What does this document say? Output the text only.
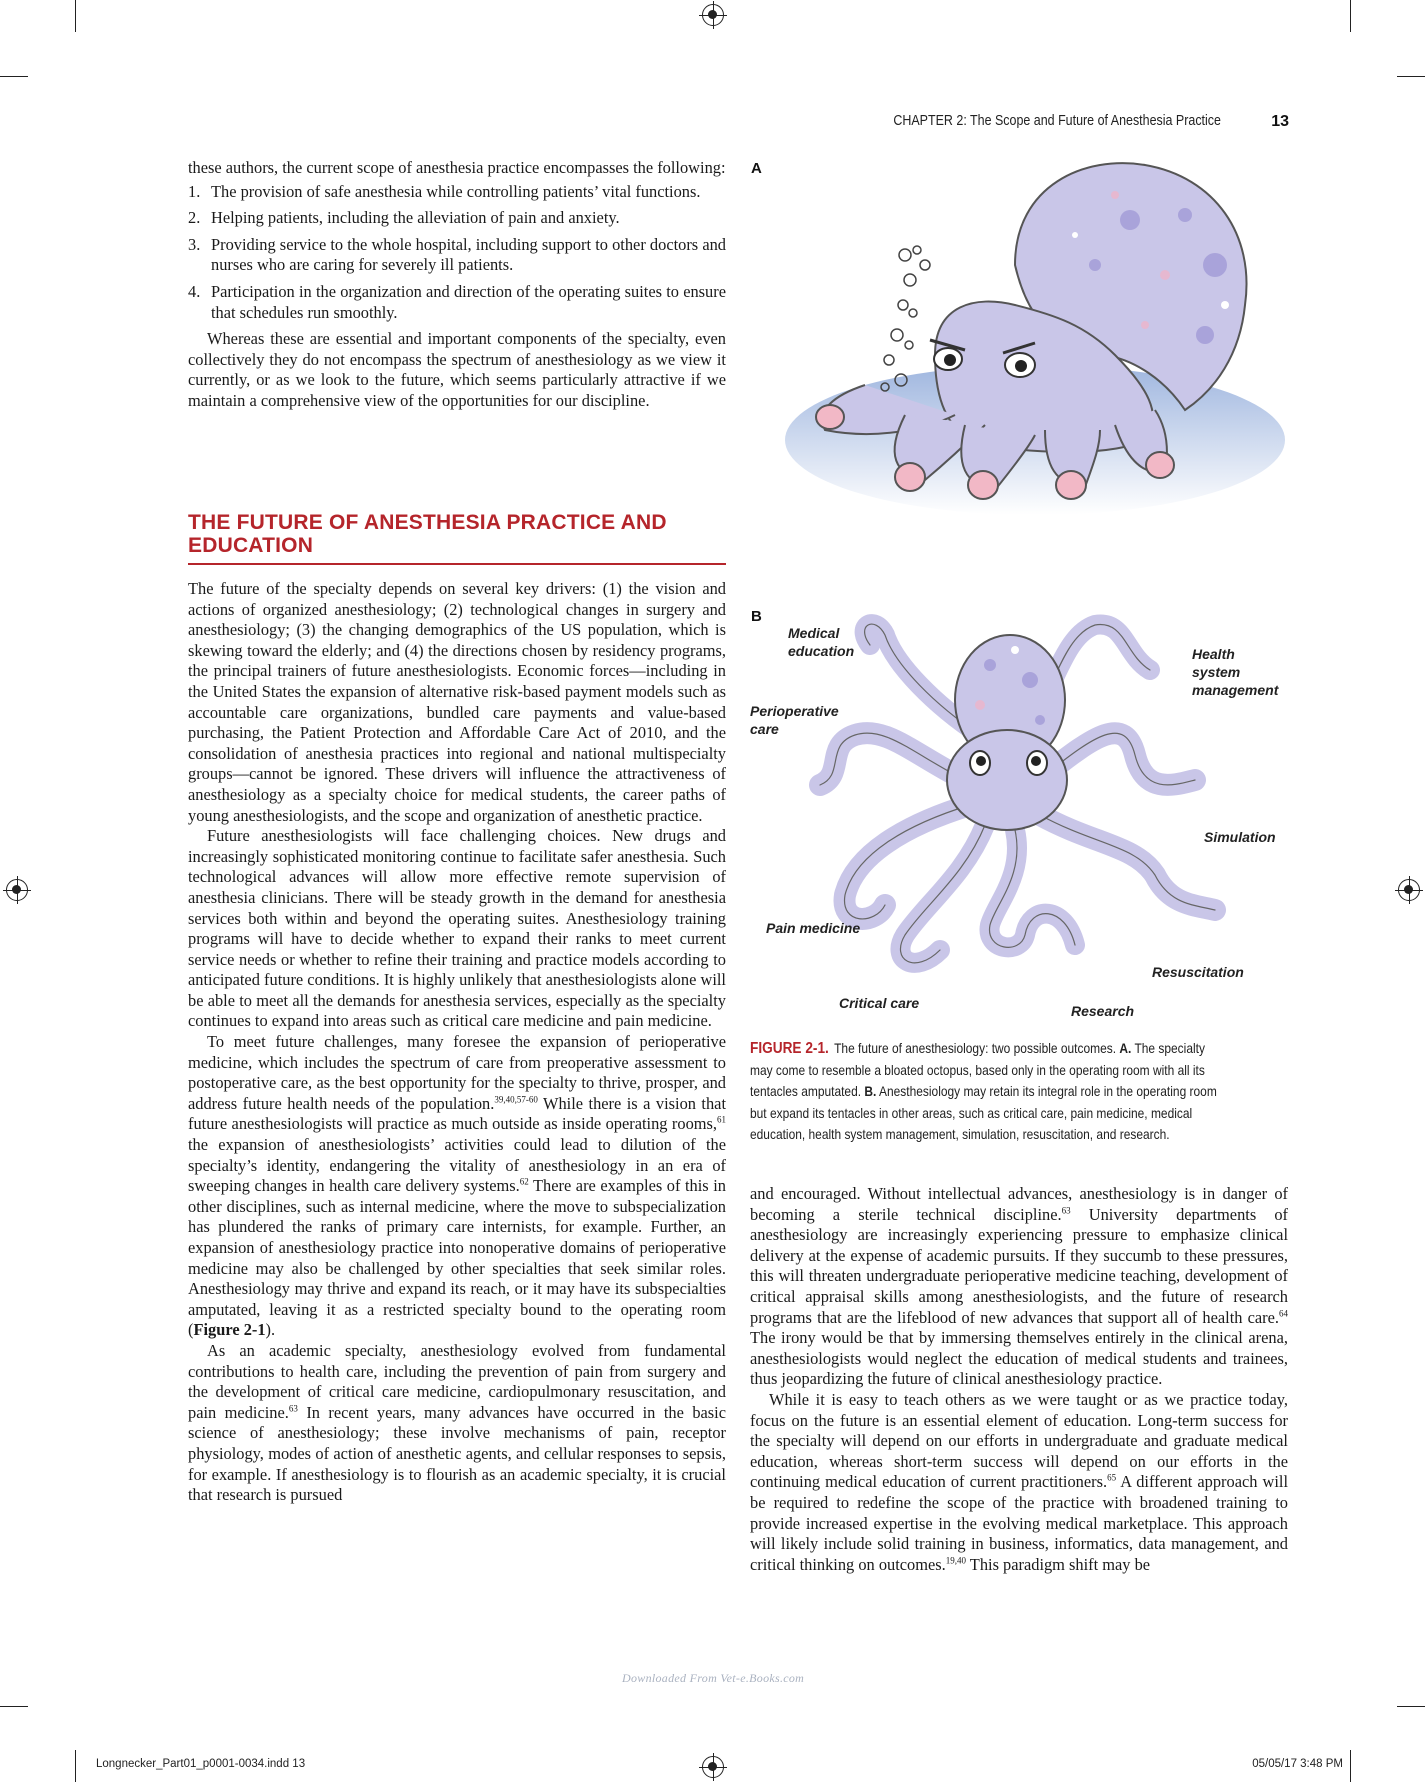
CHAPTER 2: The Scope and Future of Anesthesia Practice	13

these authors, the current scope of anesthesia practice encompasses the following:

1. The provision of safe anesthesia while controlling patients’ vital functions.
2. Helping patients, including the alleviation of pain and anxiety.
3. Providing service to the whole hospital, including support to other doctors and nurses who are caring for severely ill patients.
4. Participation in the organization and direction of the operating suites to ensure that schedules run smoothly.

Whereas these are essential and important components of the specialty, even collectively they do not encompass the spectrum of anesthesiology as we view it currently, or as we look to the future, which seems particularly attractive if we maintain a comprehensive view of the opportunities for our discipline.

THE FUTURE OF ANESTHESIA PRACTICE AND EDUCATION

The future of the specialty depends on several key drivers: (1) the vision and actions of organized anesthesiology; (2) technological changes in surgery and anesthesiology; (3) the changing demographics of the US population, which is skewing toward the elderly; and (4) the directions chosen by residency programs, the principal trainers of future anesthesiologists. Economic forces—including in the United States the expansion of alternative risk-based payment models such as accountable care organizations, bundled care payments and value-based purchasing, the Patient Protection and Affordable Care Act of 2010, and the consolidation of anesthesia practices into regional and national multispecialty groups—cannot be ignored. These drivers will influence the attractiveness of anesthesiology as a specialty choice for medical students, the career paths of young anesthesiologists, and the scope and organization of anesthetic practice.

Future anesthesiologists will face challenging choices. New drugs and increasingly sophisticated monitoring continue to facilitate safer anesthesia. Such technological advances will allow more effective remote supervision of anesthesia clinicians. There will be steady growth in the demand for anesthesia services both within and beyond the operating suites. Anesthesiology training programs will have to decide whether to expand their ranks to meet current service needs or whether to refine their training and practice models according to anticipated future conditions. It is highly unlikely that anesthesiologists alone will be able to meet all the demands for anesthesia services, especially as the specialty continues to expand into areas such as critical care medicine and pain medicine.

To meet future challenges, many foresee the expansion of perioperative medicine, which includes the spectrum of care from preoperative assessment to postoperative care, as the best opportunity for the specialty to thrive, prosper, and address future health needs of the population.$^{39,40,57-60}$ While there is a vision that future anesthesiologists will practice as much outside as inside operating rooms,$^{61}$ the expansion of anesthesiologists’ activities could lead to dilution of the specialty’s identity, endangering the vitality of anesthesiology in an era of sweeping changes in health care delivery systems.$^{62}$ There are examples of this in other disciplines, such as internal medicine, where the move to subspecialization has plundered the ranks of primary care internists, for example. Further, an expansion of anesthesiology practice into nonoperative domains of perioperative medicine may also be challenged by other specialties that seek similar roles. Anesthesiology may thrive and expand its reach, or it may have its subspecialties amputated, leaving it as a restricted specialty bound to the operating room (Figure 2-1).

As an academic specialty, anesthesiology evolved from fundamental contributions to health care, including the prevention of pain from surgery and the development of critical care medicine, cardiopulmonary resuscitation, and pain medicine.$^{63}$ In recent years, many advances have occurred in the basic science of anesthesiology; these involve mechanisms of pain, receptor physiology, modes of action of anesthetic agents, and cellular responses to sepsis, for example. If anesthesiology is to flourish as an academic specialty, it is crucial that research is pursued

A
B
Medical
education	Health
system
management
Perioperative
care
Simulation
Pain medicine
Resuscitation
Critical care	Research
FIGURE 2-1. The future of anesthesiology: two possible outcomes. A. The specialty may come to resemble a bloated octopus, based only in the operating room with all its tentacles amputated. B. Anesthesiology may retain its integral role in the operating room but expand its tentacles in other areas, such as critical care, pain medicine, medical education, health system management, simulation, resuscitation, and research.

and encouraged. Without intellectual advances, anesthesiology is in danger of becoming a sterile technical discipline.$^{63}$ University departments of anesthesiology are increasingly experiencing pressure to emphasize clinical delivery at the expense of academic pursuits. If they succumb to these pressures, this will threaten undergraduate perioperative medicine teaching, development of critical appraisal skills among anesthesiologists, and the future of research programs that are the lifeblood of new advances that support all of health care.$^{64}$ The irony would be that by immersing themselves entirely in the clinical arena, anesthesiologists would neglect the education of medical students and trainees, thus jeopardizing the future of clinical anesthesiology practice.

While it is easy to teach others as we were taught or as we practice today, focus on the future is an essential element of education. Long-term success for the specialty will depend on our efforts in undergraduate and graduate medical education, whereas short-term success will depend on our efforts in the continuing medical education of current practitioners.$^{65}$ A different approach will be required to redefine the scope of the practice with broadened training to provide increased expertise in the evolving medical marketplace. This approach will likely include solid training in business, informatics, data management, and critical thinking on outcomes.$^{19,40}$ This paradigm shift may be

Downloaded From Vet-e.Books.com
Longnecker_Part01_p0001-0034.indd 13	05/05/17 3:48 PM
